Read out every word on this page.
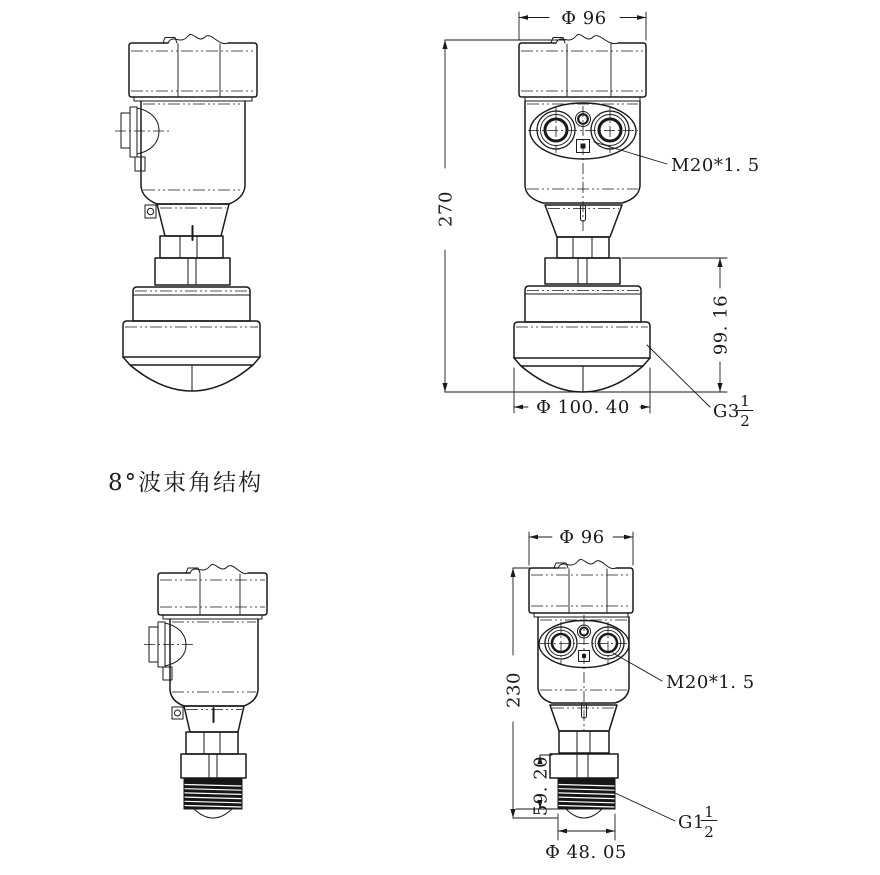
Φ 96
270
M20*1. 5
99. 16
Φ 100. 40	G3 1
2
8°波束角结构
Φ 96
230	M20*1. 5
59. 20
Φ 48. 05
G1 1
2
